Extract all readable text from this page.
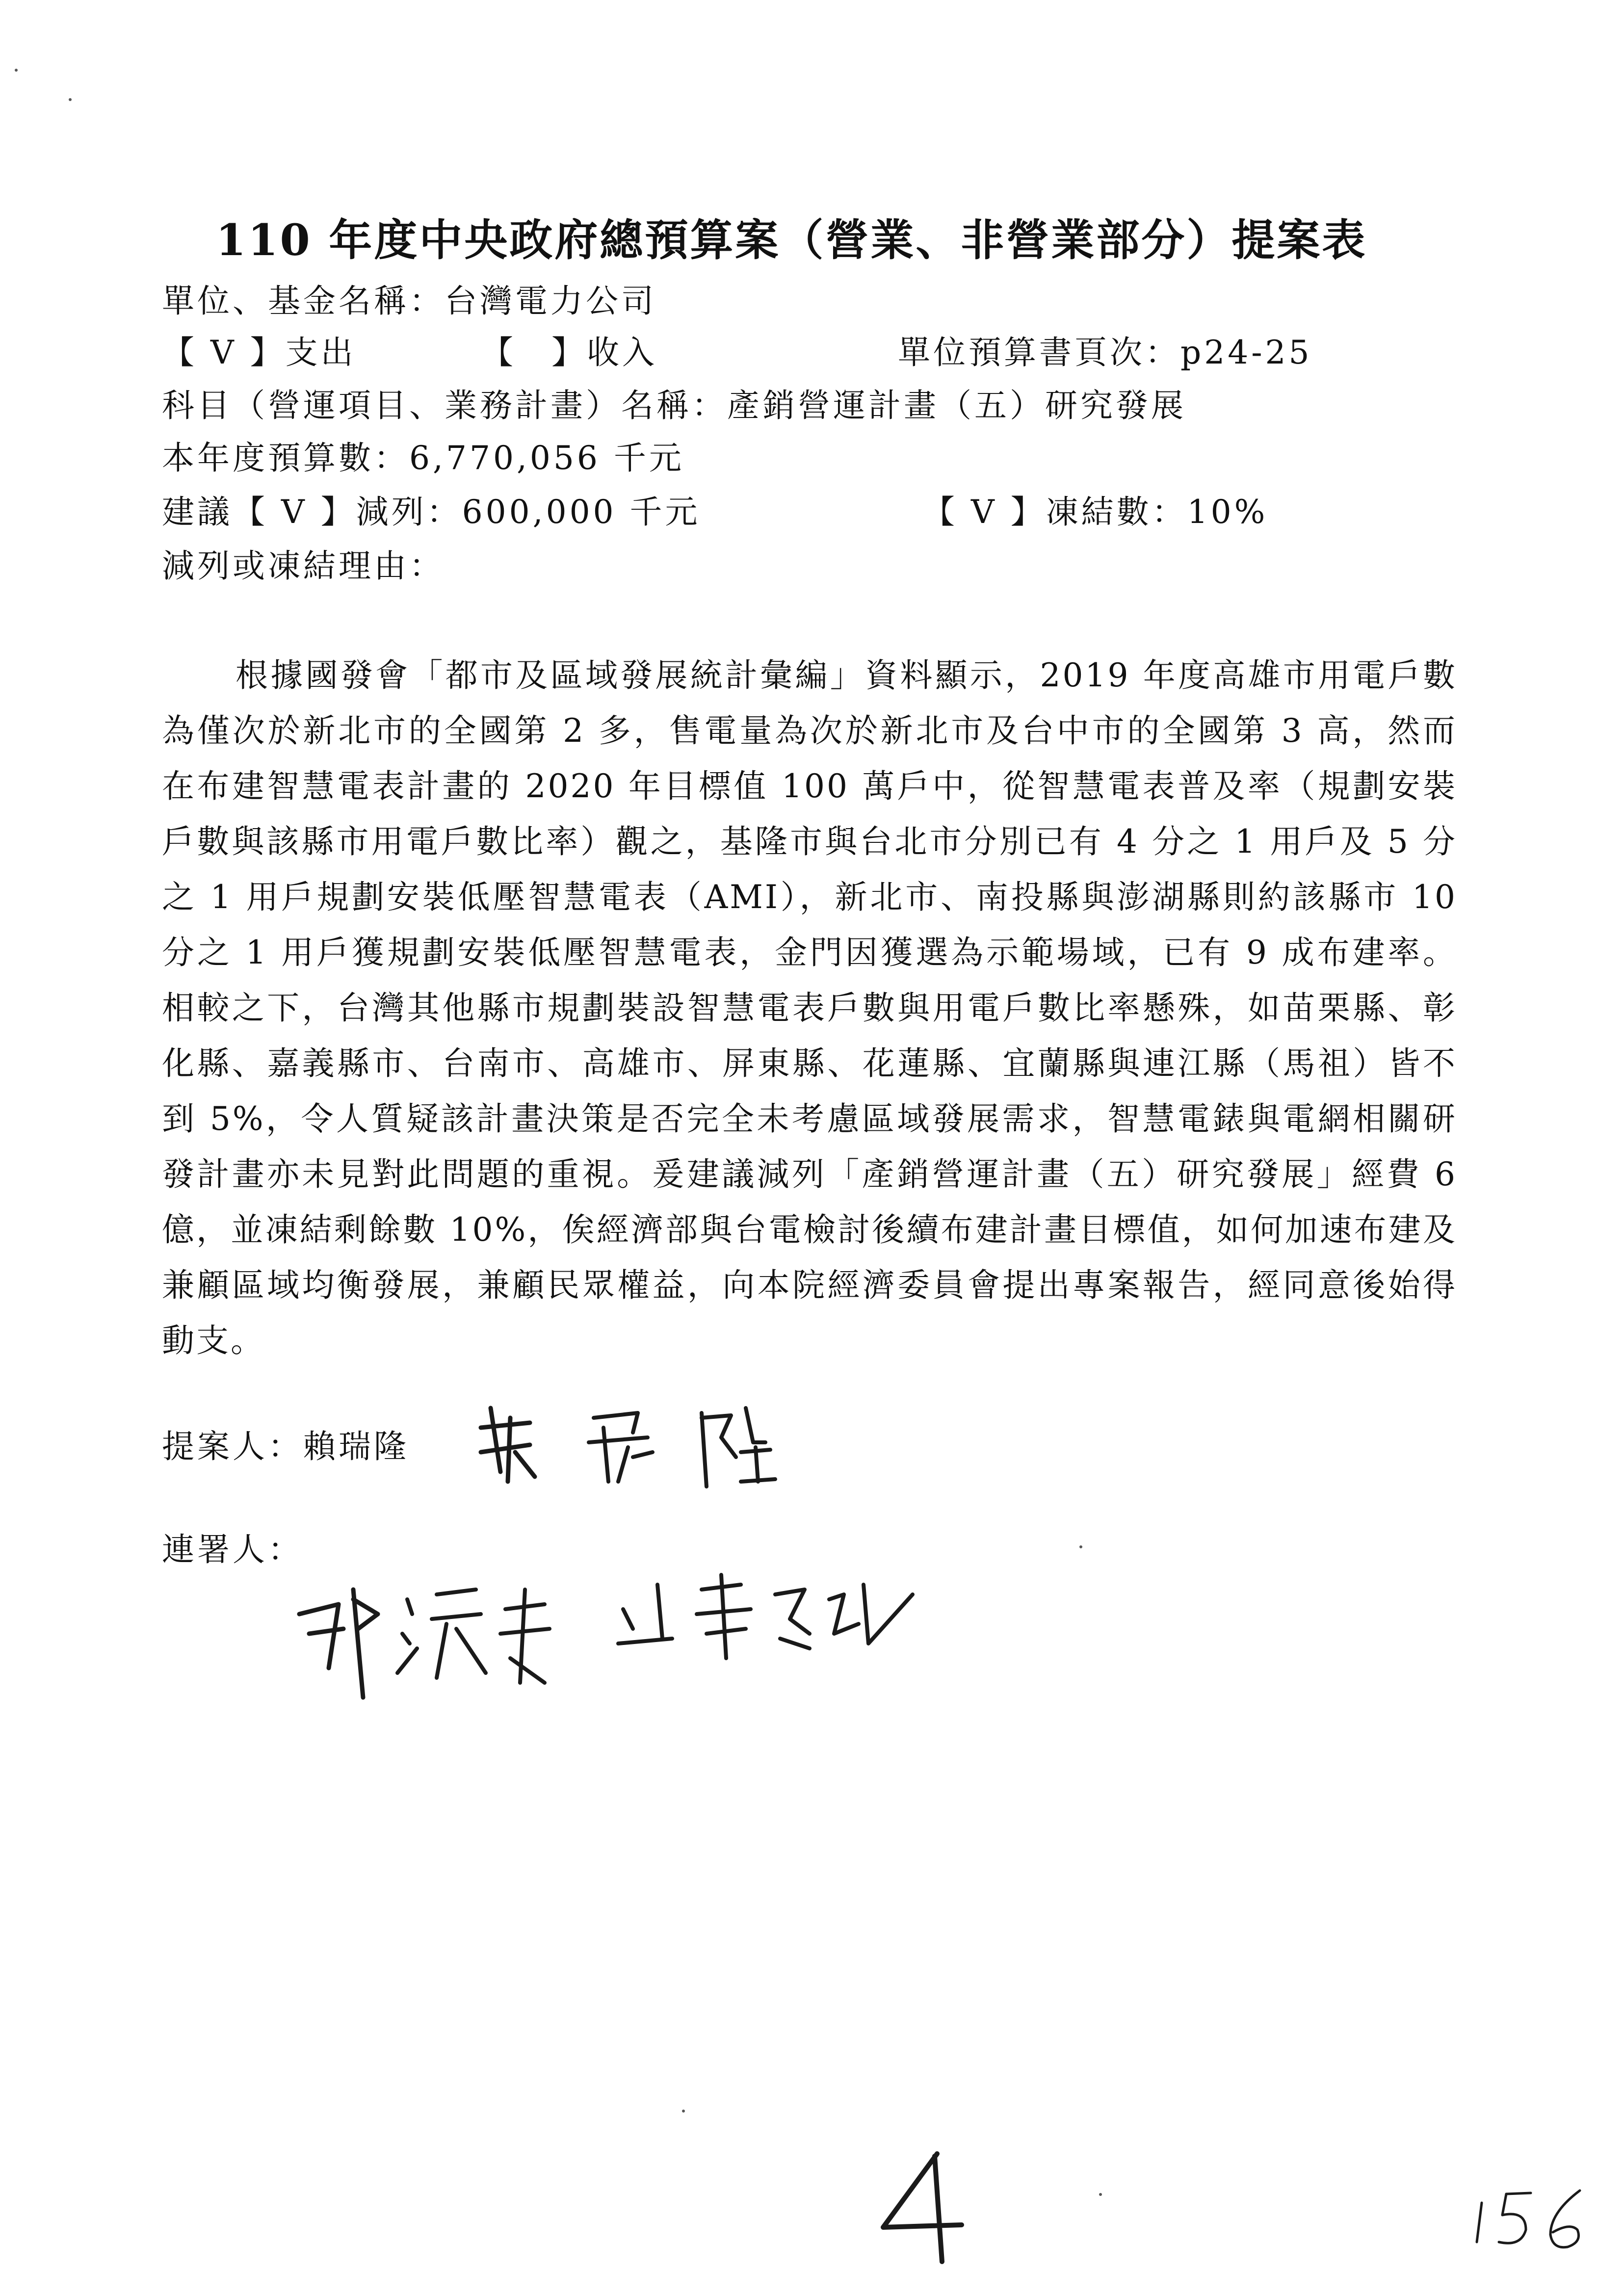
110 年度中央政府總預算案（營業、非營業部分）提案表
單位、基金名稱：台灣電力公司
【 V 】支出	【　】收入	單位預算書頁次：p24-25
科目（營運項目、業務計畫）名稱：產銷營運計畫（五）研究發展
本年度預算數：6,770,056 千元
建議【 V 】減列：600,000 千元	【 V 】凍結數：10%
減列或凍結理由：
根據國發會「都市及區域發展統計彙編」資料顯示，2019 年度高雄市用電戶數為僅次於新北市的全國第 2 多，售電量為次於新北市及台中市的全國第 3 高，然而在布建智慧電表計畫的 2020 年目標值 100 萬戶中，從智慧電表普及率（規劃安裝戶數與該縣市用電戶數比率）觀之，基隆市與台北市分別已有 4 分之 1 用戶及 5 分之 1 用戶規劃安裝低壓智慧電表（AMI），新北市、南投縣與澎湖縣則約該縣市 10 分之 1 用戶獲規劃安裝低壓智慧電表，金門因獲選為示範場域，已有 9 成布建率。相較之下，台灣其他縣市規劃裝設智慧電表戶數與用電戶數比率懸殊，如苗栗縣、彰化縣、嘉義縣市、台南市、高雄市、屏東縣、花蓮縣、宜蘭縣與連江縣（馬祖）皆不到 5%，令人質疑該計畫決策是否完全未考慮區域發展需求，智慧電錶與電網相關研發計畫亦未見對此問題的重視。爰建議減列「產銷營運計畫（五）研究發展」經費 6 億，並凍結剩餘數 10%，俟經濟部與台電檢討後續布建計畫目標值，如何加速布建及兼顧區域均衡發展，兼顧民眾權益，向本院經濟委員會提出專案報告，經同意後始得動支。
提案人：賴瑞隆
連署人：
